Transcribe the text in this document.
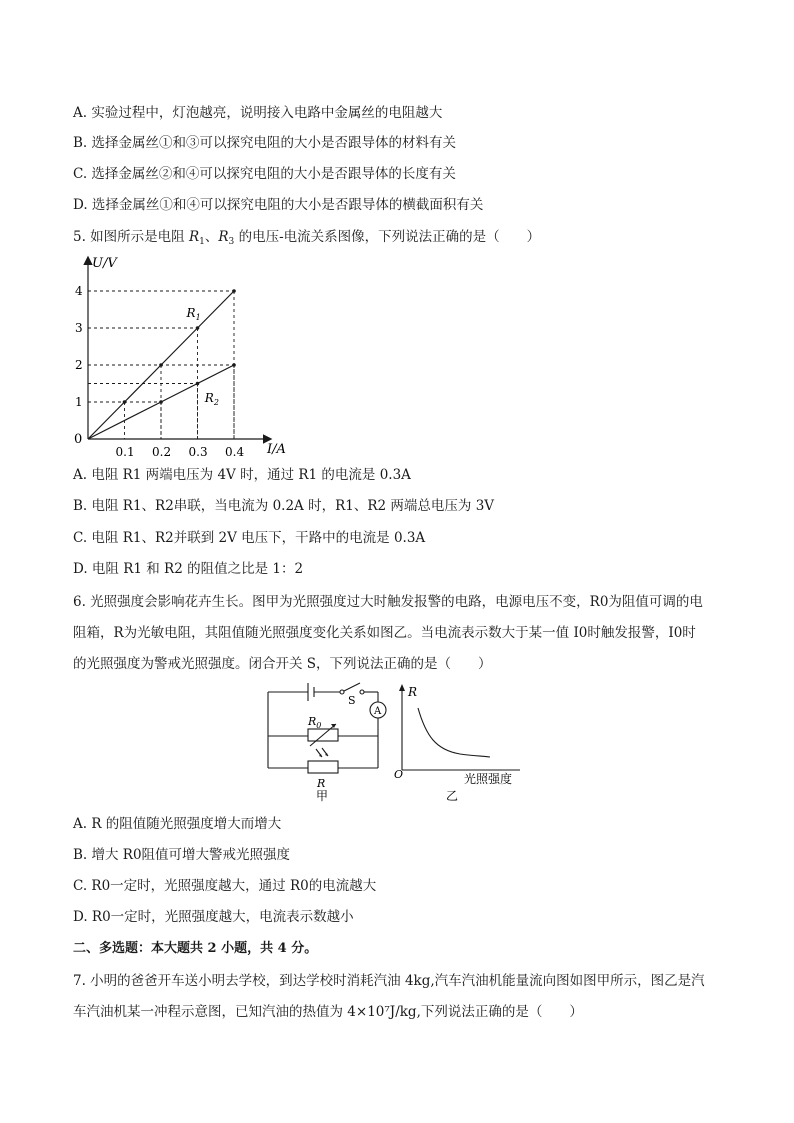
A. 实验过程中，灯泡越亮，说明接入电路中金属丝的电阻越大
B. 选择金属丝①和③可以探究电阻的大小是否跟导体的材料有关
C. 选择金属丝②和④可以探究电阻的大小是否跟导体的长度有关
D. 选择金属丝①和④可以探究电阻的大小是否跟导体的横截面积有关
5. 如图所示是电阻 $R_1$、$R_3$ 的电压-电流关系图像，下列说法正确的是（　　）
$R_1$
$R_2$
0.1 0.2 0.3 0.4
1
2
3
4
U/V
I/A
0
A. 电阻 R1 两端电压为 4V 时，通过 R1 的电流是 0.3A
B. 电阻 R1、R2串联，当电流为 0.2A 时，R1、R2 两端总电压为 3V
C. 电阻 R1、R2并联到 2V 电压下，干路中的电流是 0.3A
D. 电阻 R1 和 R2 的阻值之比是 1：2
6. 光照强度会影响花卉生长。图甲为光照强度过大时触发报警的电路，电源电压不变，R0为阻值可调的电
阻箱，R为光敏电阻，其阻值随光照强度变化关系如图乙。当电流表示数大于某一值 I0时触发报警，I0时
的光照强度为警戒光照强度。闭合开关 S，下列说法正确的是（　　）
S
A
$R_0$
R
甲
R
O	光照强度
乙
A. R 的阻值随光照强度增大而增大
B. 增大 R0阻值可增大警戒光照强度
C. R0一定时，光照强度越大，通过 R0的电流越大
D. R0一定时，光照强度越大，电流表示数越小
二、多选题：本大题共 2 小题，共 4 分。
7. 小明的爸爸开车送小明去学校，到达学校时消耗汽油 4kg,汽车汽油机能量流向图如图甲所示，图乙是汽
车汽油机某一冲程示意图，已知汽油的热值为 4×10⁷J/kg,下列说法正确的是（　　）
